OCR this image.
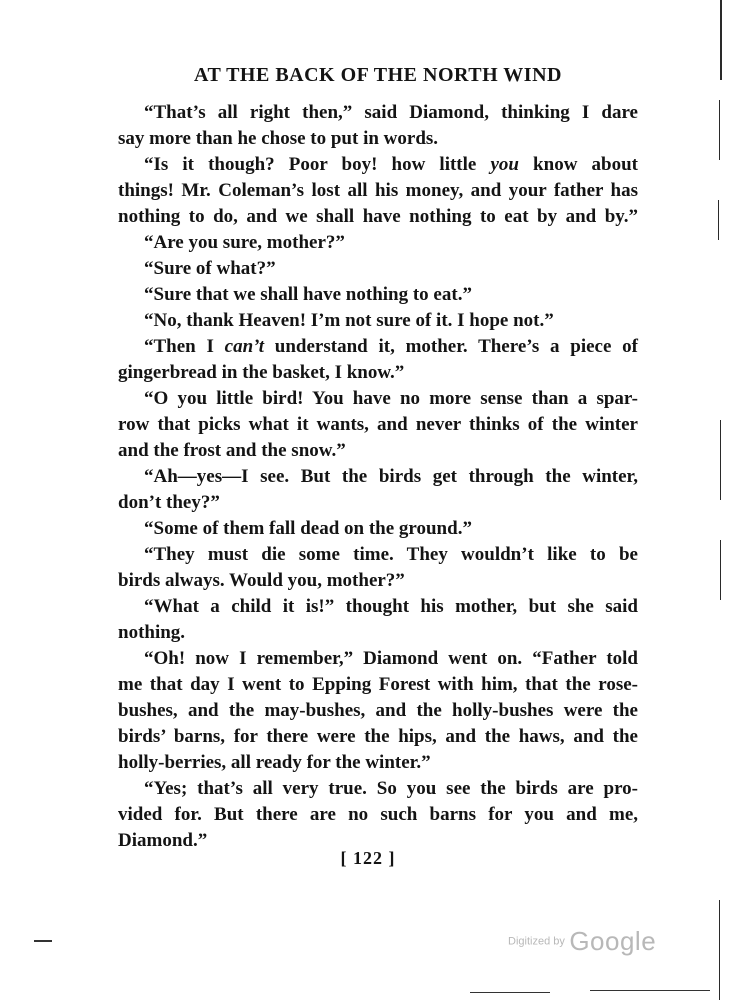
AT THE BACK OF THE NORTH WIND
“That’s all right then,” said Diamond, thinking I dare
say more than he chose to put in words.
“Is it though? Poor boy! how little you know about
things! Mr. Coleman’s lost all his money, and your father has
nothing to do, and we shall have nothing to eat by and by.”
“Are you sure, mother?”
“Sure of what?”
“Sure that we shall have nothing to eat.”
“No, thank Heaven! I’m not sure of it. I hope not.”
“Then I can’t understand it, mother. There’s a piece of
gingerbread in the basket, I know.”
“O you little bird! You have no more sense than a spar-
row that picks what it wants, and never thinks of the winter
and the frost and the snow.”
“Ah—yes—I see. But the birds get through the winter,
don’t they?”
“Some of them fall dead on the ground.”
“They must die some time. They wouldn’t like to be
birds always. Would you, mother?”
“What a child it is!” thought his mother, but she said
nothing.
“Oh! now I remember,” Diamond went on. “Father told
me that day I went to Epping Forest with him, that the rose-
bushes, and the may-bushes, and the holly-bushes were the
birds’ barns, for there were the hips, and the haws, and the
holly-berries, all ready for the winter.”
“Yes; that’s all very true. So you see the birds are pro-
vided for. But there are no such barns for you and me,
Diamond.”
[ 122 ]
Digitized by Google
